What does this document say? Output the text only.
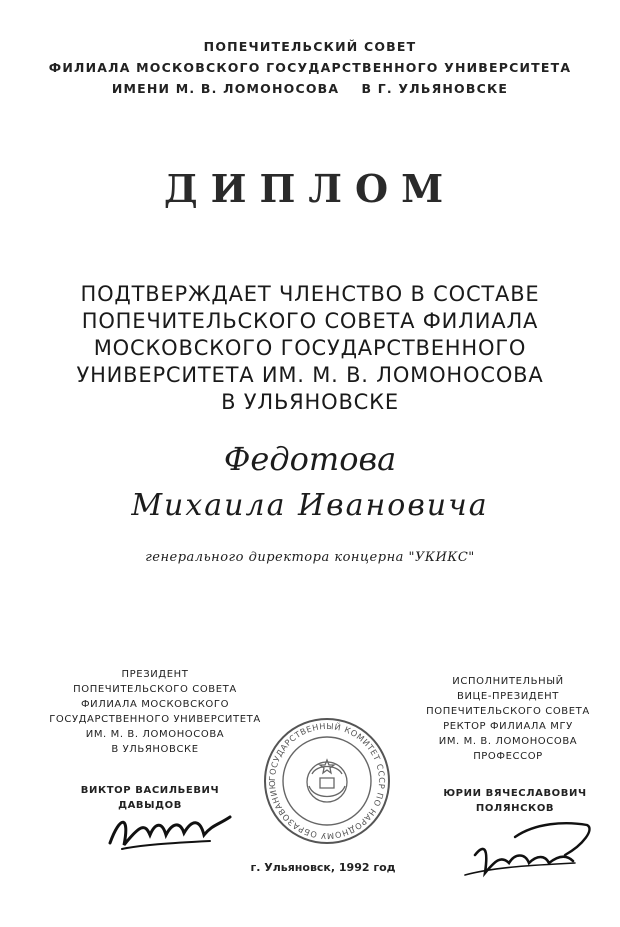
ПОПЕЧИТЕЛЬСКИЙ СОВЕТ
ФИЛИАЛА МОСКОВСКОГО ГОСУДАРСТВЕННОГО УНИВЕРСИТЕТА
ИМЕНИ М. В. ЛОМОНОСОВА    В Г. УЛЬЯНОВСКЕ
ДИПЛОМ
ПОДТВЕРЖДАЕТ ЧЛЕНСТВО В СОСТАВЕ
ПОПЕЧИТЕЛЬСКОГО СОВЕТА ФИЛИАЛА
МОСКОВСКОГО ГОСУДАРСТВЕННОГО
УНИВЕРСИТЕТА ИМ. М. В. ЛОМОНОСОВА
В УЛЬЯНОВСКЕ
Федотова
Михаила Ивановича
генерального директора концерна "УКИКС"
ПРЕЗИДЕНТ
ПОПЕЧИТЕЛЬСКОГО СОВЕТА
ФИЛИАЛА МОСКОВСКОГО
ГОСУДАРСТВЕННОГО УНИВЕРСИТЕТА
ИМ. М. В. ЛОМОНОСОВА
В УЛЬЯНОВСКЕ
ВИКТОР ВАСИЛЬЕВИЧ
ДАВЫДОВ
ИСПОЛНИТЕЛЬНЫЙ
ВИЦЕ-ПРЕЗИДЕНТ
ПОПЕЧИТЕЛЬСКОГО СОВЕТА
РЕКТОР ФИЛИАЛА МГУ
ИМ. М. В. ЛОМОНОСОВА
ПРОФЕССОР
ЮРИИ ВЯЧЕСЛАВОВИЧ
ПОЛЯНСКОВ
ГОСУДАРСТВЕННЫЙ КОМИТЕТ СССР ПО НАРОДНОМУ ОБРАЗОВАНИЮ
г. Ульяновск, 1992 год
